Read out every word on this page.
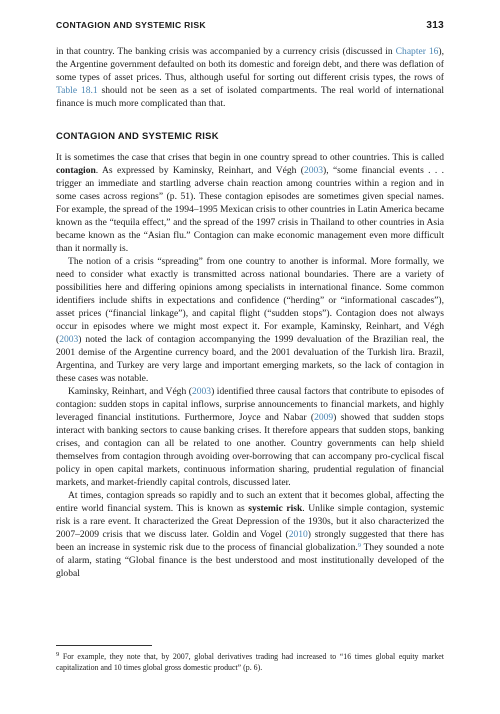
CONTAGION AND SYSTEMIC RISK	313

in that country. The banking crisis was accompanied by a currency crisis (discussed in Chapter 16), the Argentine government defaulted on both its domestic and foreign debt, and there was deflation of some types of asset prices. Thus, although useful for sorting out different crisis types, the rows of Table 18.1 should not be seen as a set of isolated compartments. The real world of international finance is much more complicated than that.

CONTAGION AND SYSTEMIC RISK

It is sometimes the case that crises that begin in one country spread to other countries. This is called contagion. As expressed by Kaminsky, Reinhart, and Végh (2003), “some financial events . . . trigger an immediate and startling adverse chain reaction among countries within a region and in some cases across regions” (p. 51). These contagion episodes are sometimes given special names. For example, the spread of the 1994–1995 Mexican crisis to other countries in Latin America became known as the “tequila effect,” and the spread of the 1997 crisis in Thailand to other countries in Asia became known as the “Asian flu.” Contagion can make economic management even more difficult than it normally is.

The notion of a crisis “spreading” from one country to another is informal. More formally, we need to consider what exactly is transmitted across national boundaries. There are a variety of possibilities here and differing opinions among specialists in international finance. Some common identifiers include shifts in expectations and confidence (“herding” or “informational cascades”), asset prices (“financial linkage”), and capital flight (“sudden stops”). Contagion does not always occur in episodes where we might most expect it. For example, Kaminsky, Reinhart, and Végh (2003) noted the lack of contagion accompanying the 1999 devaluation of the Brazilian real, the 2001 demise of the Argentine currency board, and the 2001 devaluation of the Turkish lira. Brazil, Argentina, and Turkey are very large and important emerging markets, so the lack of contagion in these cases was notable.

Kaminsky, Reinhart, and Végh (2003) identified three causal factors that contribute to episodes of contagion: sudden stops in capital inflows, surprise announcements to financial markets, and highly leveraged financial institutions. Furthermore, Joyce and Nabar (2009) showed that sudden stops interact with banking sectors to cause banking crises. It therefore appears that sudden stops, banking crises, and contagion can all be related to one another. Country governments can help shield themselves from contagion through avoiding over-borrowing that can accompany pro-cyclical fiscal policy in open capital markets, continuous information sharing, prudential regulation of financial markets, and market-friendly capital controls, discussed later.

At times, contagion spreads so rapidly and to such an extent that it becomes global, affecting the entire world financial system. This is known as systemic risk. Unlike simple contagion, systemic risk is a rare event. It characterized the Great Depression of the 1930s, but it also characterized the 2007–2009 crisis that we discuss later. Goldin and Vogel (2010) strongly suggested that there has been an increase in systemic risk due to the process of financial globalization.$^9$ They sounded a note of alarm, stating “Global finance is the best understood and most institutionally developed of the global

$^9$ For example, they note that, by 2007, global derivatives trading had increased to “16 times global equity market capitalization and 10 times global gross domestic product” (p. 6).
